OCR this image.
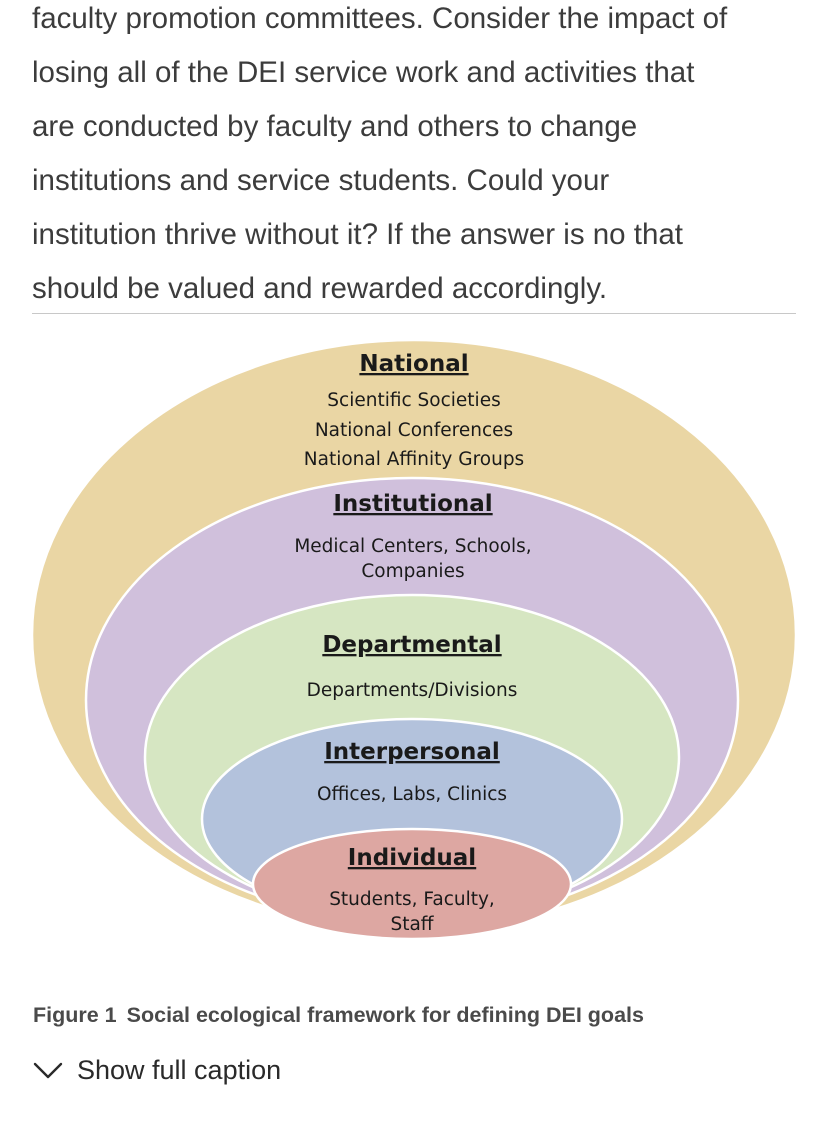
faculty promotion committees. Consider the impact of
losing all of the DEI service work and activities that
are conducted by faculty and others to change
institutions and service students. Could your
institution thrive without it? If the answer is no that
should be valued and rewarded accordingly.
National
Scientific Societies
National Conferences
National Affinity Groups
Institutional
Medical Centers, Schools,
Companies
Departmental
Departments/Divisions
Interpersonal
Offices, Labs, Clinics
Individual
Students, Faculty,
Staff

Figure 1 Social ecological framework for defining DEI goals

Show full caption
